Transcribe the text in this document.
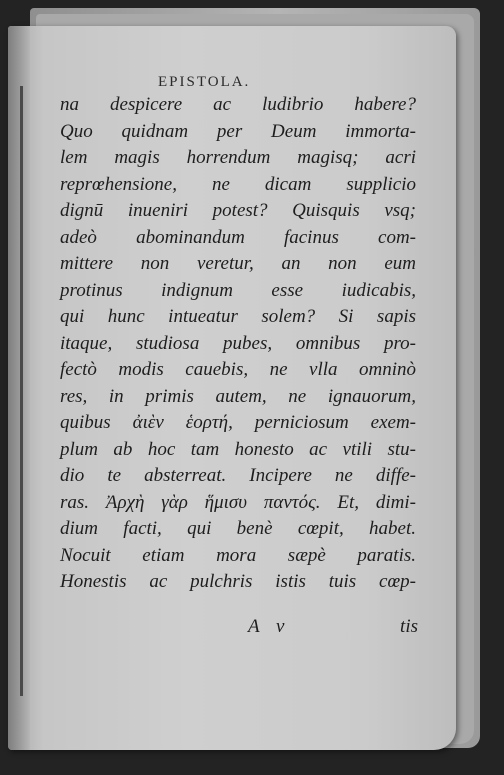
EPISTOLA.

na despicere ac ludibrio habere?
Quo quidnam per Deum immorta-
lem magis horrendum magisq; acri
reprœhensione, ne dicam supplicio
dignū inueniri potest? Quisquis vsq;
adeò abominandum facinus com-
mittere non veretur, an non eum
protinus indignum esse iudicabis,
qui hunc intueatur solem? Si sapis
itaque, studiosa pubes, omnibus pro-
fectò modis cauebis, ne vlla omninò
res, in primis autem, ne ignauorum,
quibus ἀιὲν ἑορτή, perniciosum exem-
plum ab hoc tam honesto ac vtili stu-
dio te absterreat. Incipere ne diffe-
ras. Ἀρχὴ γὰρ ἥμισυ παντός. Et, dimi-
dium facti, qui benè cœpit, habet.
Nocuit etiam mora sæpè paratis.
Honestis ac pulchris istis tuis cœp-
A v	tis
